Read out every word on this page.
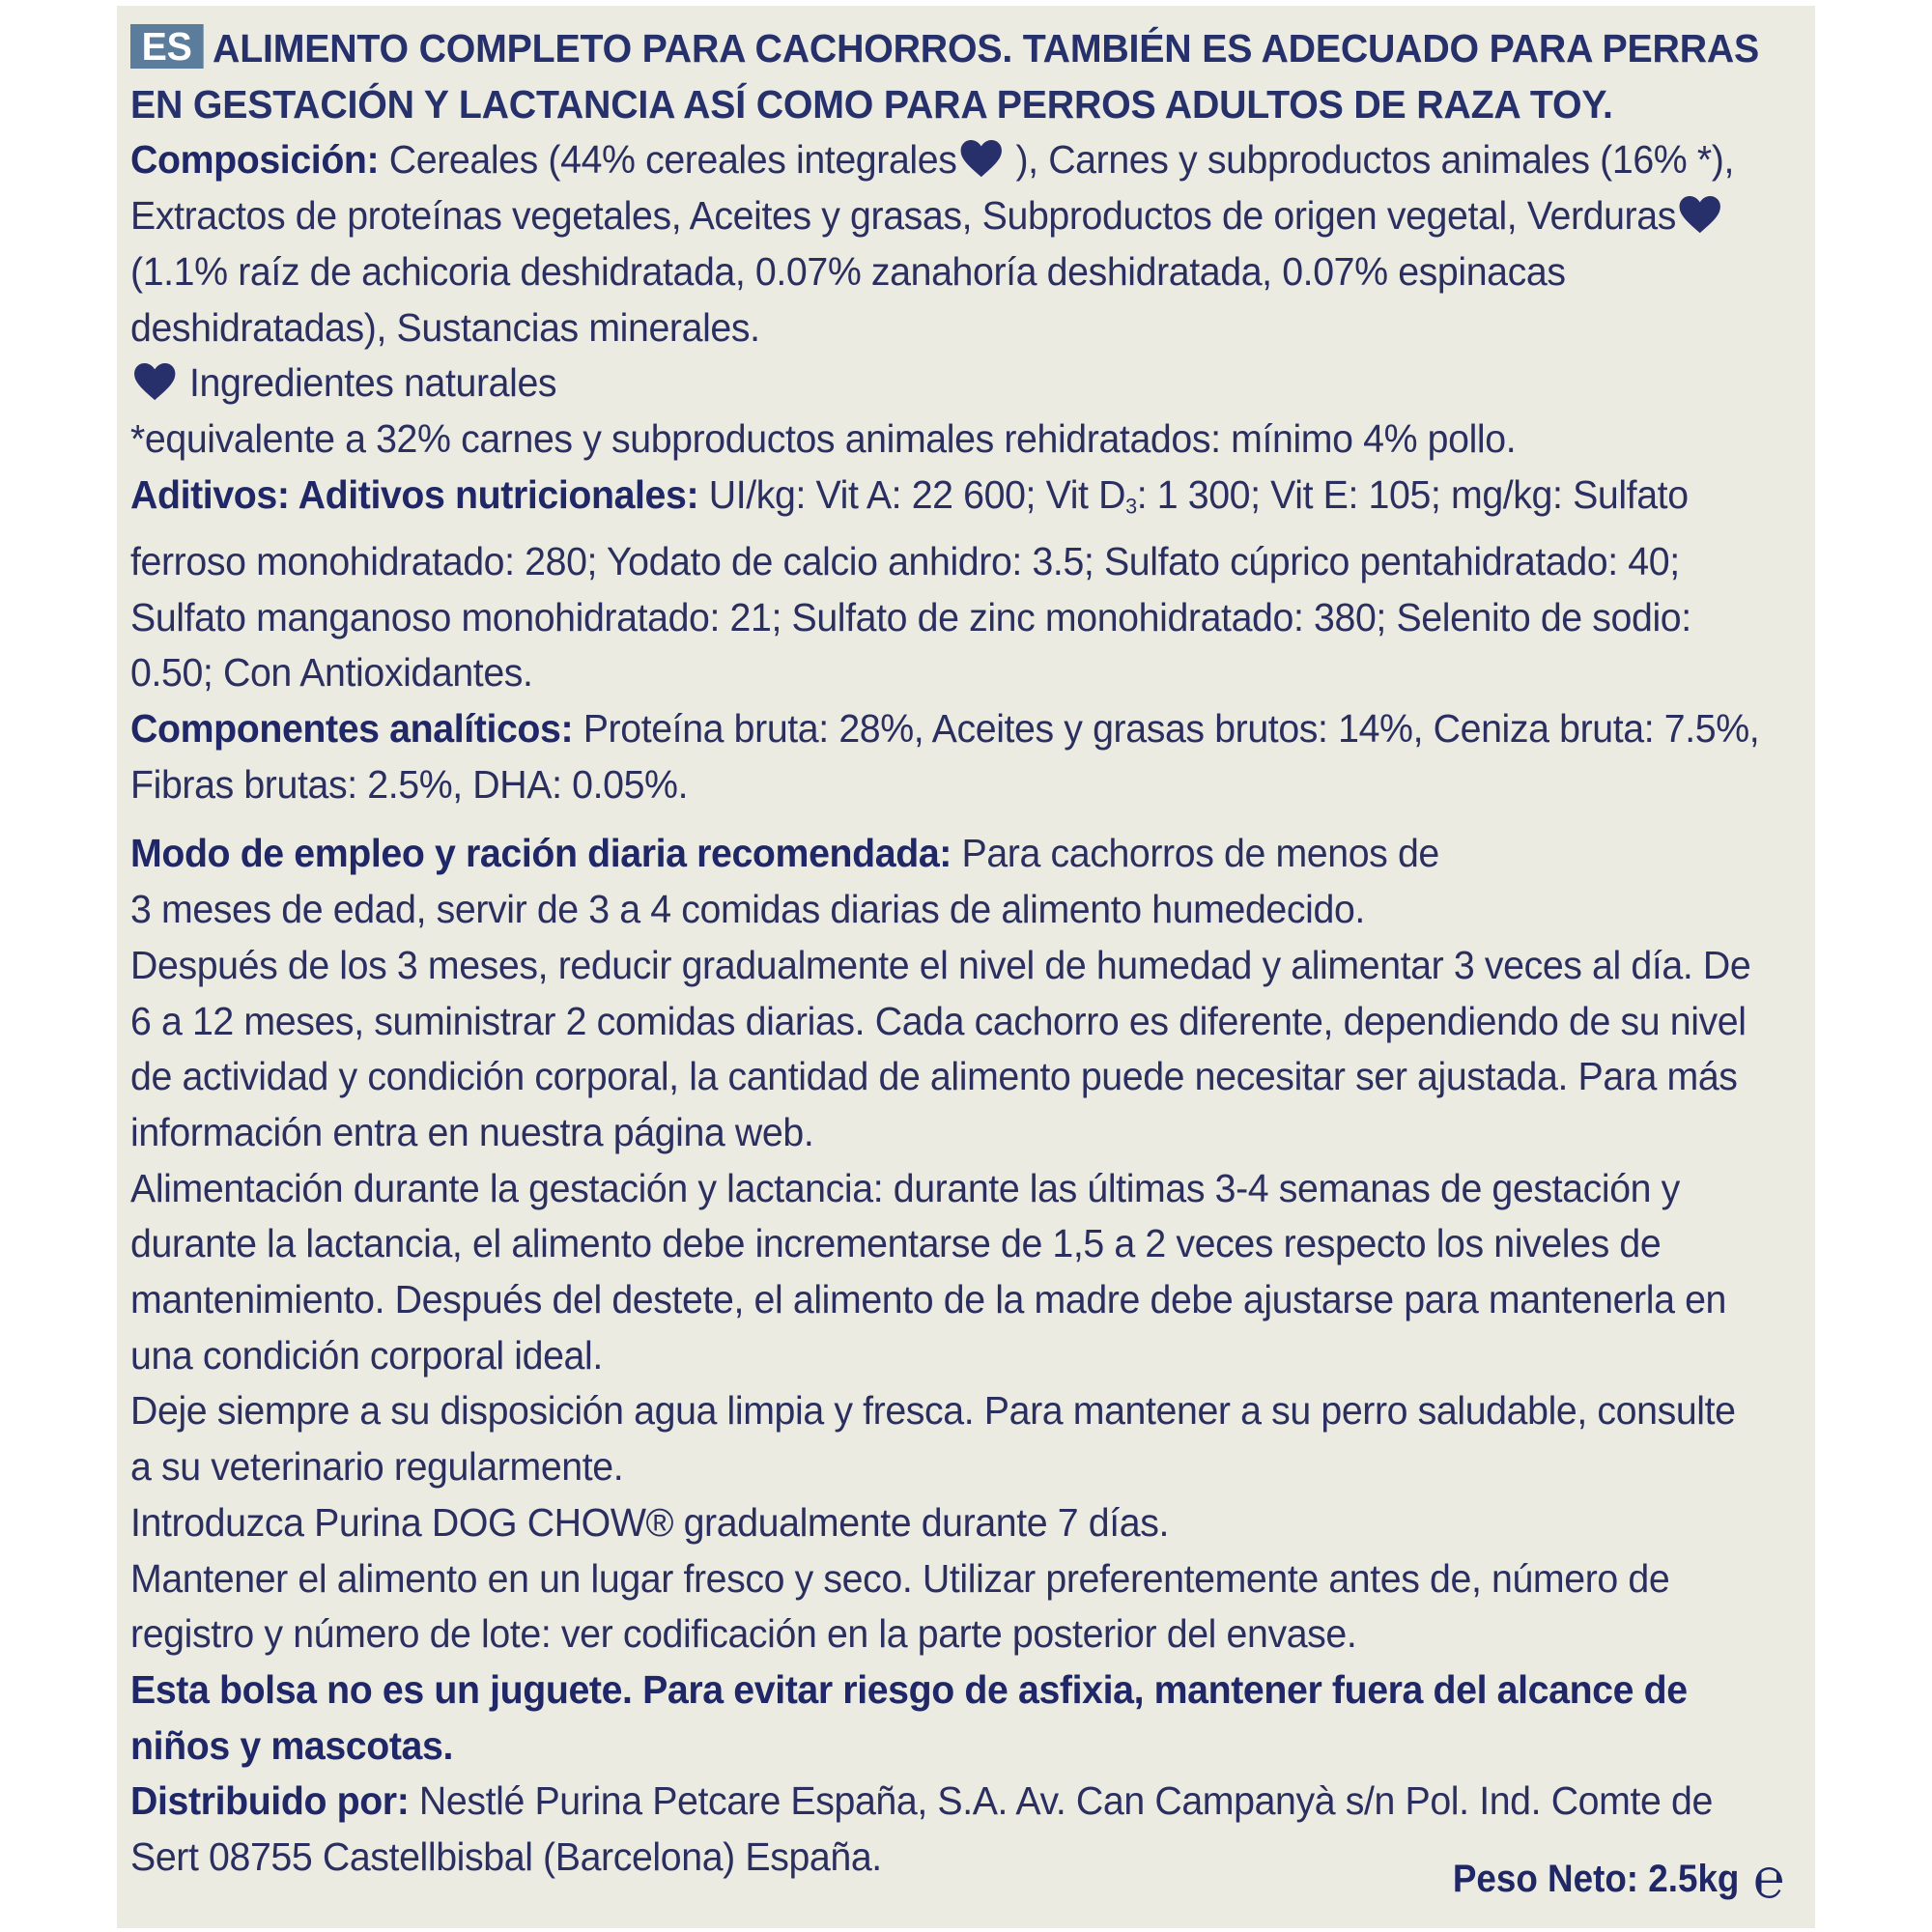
ES ALIMENTO COMPLETO PARA CACHORROS. TAMBIÉN ES ADECUADO PARA PERRAS EN GESTACIÓN Y LACTANCIA ASÍ COMO PARA PERROS ADULTOS DE RAZA TOY.

Composición: Cereales (44% cereales integrales
), Carnes y subproductos animales (16% *), Extractos de proteínas vegetales, Aceites y grasas, Subproductos de origen vegetal, Verduras
(1.1% raíz de achicoria deshidratada, 0.07% zanahoría deshidratada, 0.07% espinacas deshidratadas), Sustancias minerales.

Ingredientes naturales

*equivalente a 32% carnes y subproductos animales rehidratados: mínimo 4% pollo.

Aditivos: Aditivos nutricionales: UI/kg: Vit A: 22 600; Vit $D_3$: 1 300; Vit E: 105; mg/kg: Sulfato ferroso monohidratado: 280; Yodato de calcio anhidro: 3.5; Sulfato cúprico pentahidratado: 40; Sulfato manganoso monohidratado: 21; Sulfato de zinc monohidratado: 380; Selenito de sodio: 0.50; Con Antioxidantes.

Componentes analíticos: Proteína bruta: 28%, Aceites y grasas brutos: 14%, Ceniza bruta: 7.5%, Fibras brutas: 2.5%, DHA: 0.05%.

Modo de empleo y ración diaria recomendada: Para cachorros de menos de
3 meses de edad, servir de 3 a 4 comidas diarias de alimento humedecido.

Después de los 3 meses, reducir gradualmente el nivel de humedad y alimentar 3 veces al día. De 6 a 12 meses, suministrar 2 comidas diarias. Cada cachorro es diferente, dependiendo de su nivel de actividad y condición corporal, la cantidad de alimento puede necesitar ser ajustada. Para más información entra en nuestra página web.

Alimentación durante la gestación y lactancia: durante las últimas 3-4 semanas de gestación y durante la lactancia, el alimento debe incrementarse de 1,5 a 2 veces respecto los niveles de mantenimiento. Después del destete, el alimento de la madre debe ajustarse para mantenerla en una condición corporal ideal.

Deje siempre a su disposición agua limpia y fresca. Para mantener a su perro saludable, consulte a su veterinario regularmente.

Introduzca Purina DOG CHOW® gradualmente durante 7 días.

Mantener el alimento en un lugar fresco y seco. Utilizar preferentemente antes de, número de registro y número de lote: ver codificación en la parte posterior del envase.

Esta bolsa no es un juguete. Para evitar riesgo de asfixia, mantener fuera del alcance de niños y mascotas.

Distribuido por: Nestlé Purina Petcare España, S.A. Av. Can Campanyà s/n Pol. Ind. Comte de Sert 08755 Castellbisbal (Barcelona) España.	Peso Neto: 2.5kg ℮
